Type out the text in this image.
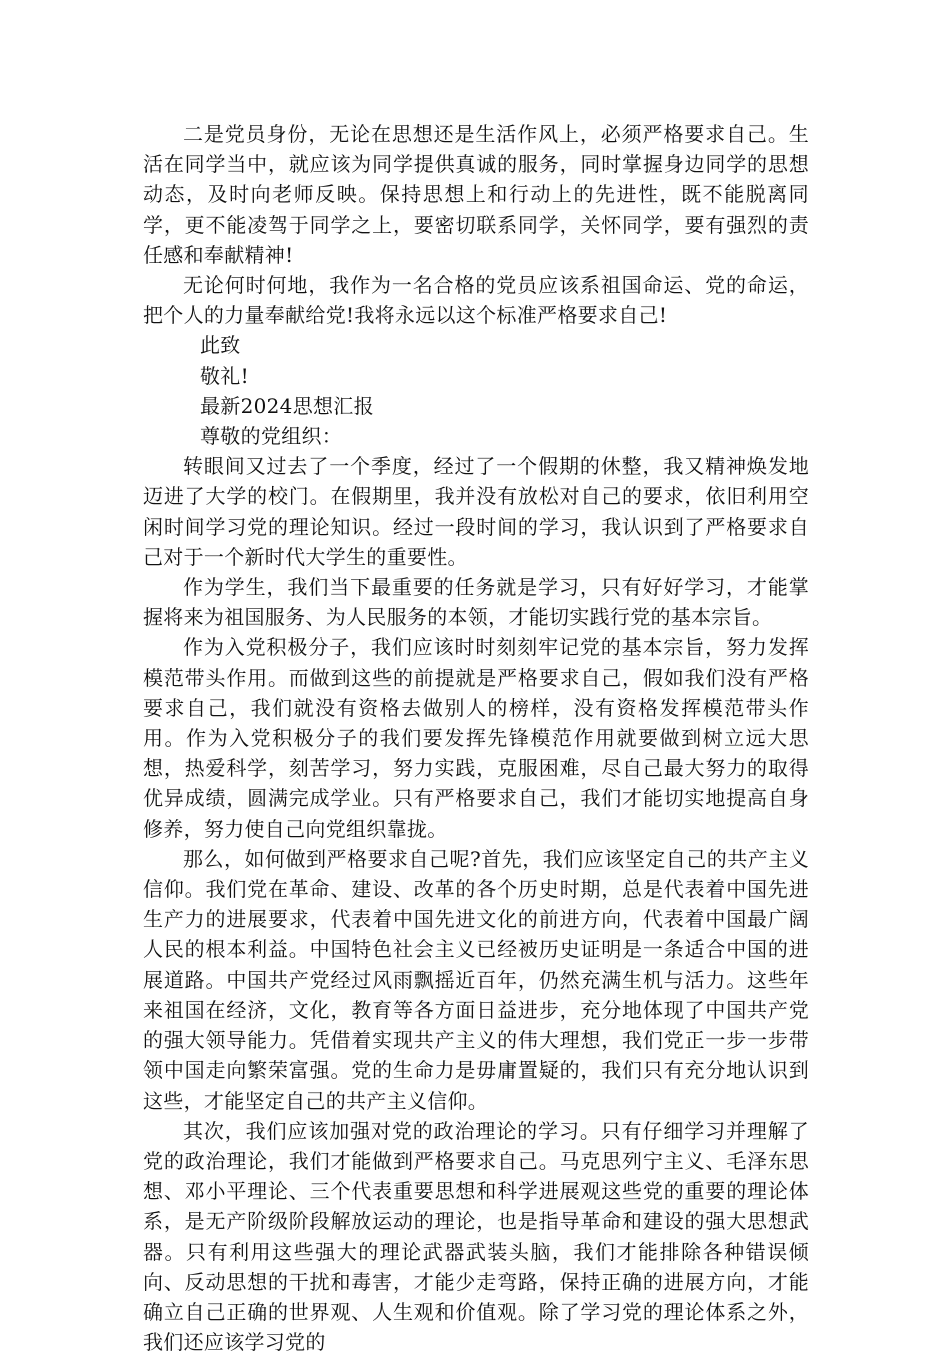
二是党员身份，无论在思想还是生活作风上，必须严格要求自己。生活在同学当中，就应该为同学提供真诚的服务，同时掌握身边同学的思想动态，及时向老师反映。保持思想上和行动上的先进性，既不能脱离同学，更不能凌驾于同学之上，要密切联系同学，关怀同学，要有强烈的责任感和奉献精神!

无论何时何地，我作为一名合格的党员应该系祖国命运、党的命运，把个人的力量奉献给党!我将永远以这个标准严格要求自己!

此致

敬礼!

最新2024思想汇报

尊敬的党组织：

转眼间又过去了一个季度，经过了一个假期的休整，我又精神焕发地迈进了大学的校门。在假期里，我并没有放松对自己的要求，依旧利用空闲时间学习党的理论知识。经过一段时间的学习，我认识到了严格要求自己对于一个新时代大学生的重要性。

作为学生，我们当下最重要的任务就是学习，只有好好学习，才能掌握将来为祖国服务、为人民服务的本领，才能切实践行党的基本宗旨。

作为入党积极分子，我们应该时时刻刻牢记党的基本宗旨，努力发挥模范带头作用。而做到这些的前提就是严格要求自己，假如我们没有严格要求自己，我们就没有资格去做别人的榜样，没有资格发挥模范带头作用。作为入党积极分子的我们要发挥先锋模范作用就要做到树立远大思想，热爱科学，刻苦学习，努力实践，克服困难，尽自己最大努力的取得优异成绩，圆满完成学业。只有严格要求自己，我们才能切实地提高自身修养，努力使自己向党组织靠拢。

那么，如何做到严格要求自己呢?首先，我们应该坚定自己的共产主义信仰。我们党在革命、建设、改革的各个历史时期，总是代表着中国先进生产力的进展要求，代表着中国先进文化的前进方向，代表着中国最广阔人民的根本利益。中国特色社会主义已经被历史证明是一条适合中国的进展道路。中国共产党经过风雨飘摇近百年，仍然充满生机与活力。这些年来祖国在经济，文化，教育等各方面日益进步，充分地体现了中国共产党的强大领导能力。凭借着实现共产主义的伟大理想，我们党正一步一步带领中国走向繁荣富强。党的生命力是毋庸置疑的，我们只有充分地认识到这些，才能坚定自己的共产主义信仰。

其次，我们应该加强对党的政治理论的学习。只有仔细学习并理解了党的政治理论，我们才能做到严格要求自己。马克思列宁主义、毛泽东思想、邓小平理论、三个代表重要思想和科学进展观这些党的重要的理论体系，是无产阶级阶段解放运动的理论，也是指导革命和建设的强大思想武器。只有利用这些强大的理论武器武装头脑，我们才能排除各种错误倾向、反动思想的干扰和毒害，才能少走弯路，保持正确的进展方向，才能确立自己正确的世界观、人生观和价值观。除了学习党的理论体系之外，我们还应该学习党的
